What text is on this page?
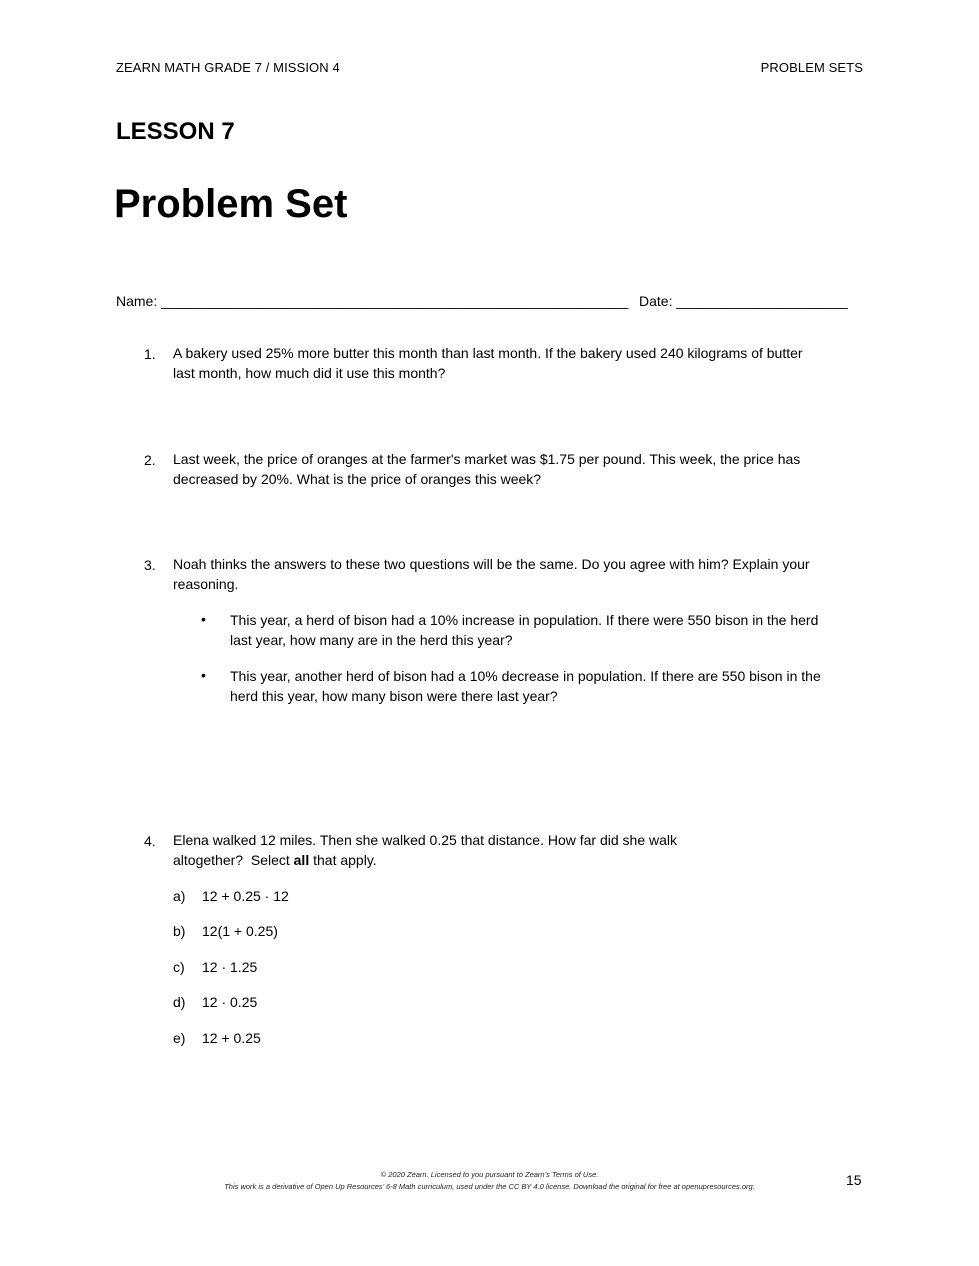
ZEARN MATH GRADE 7 / MISSION 4	PROBLEM SETS
LESSON 7
Problem Set
Name: ____________________________________________________________ Date: ______________________
1. A bakery used 25% more butter this month than last month. If the bakery used 240 kilograms of butter
last month, how much did it use this month?
2. Last week, the price of oranges at the farmer's market was $1.75 per pound. This week, the price has
decreased by 20%. What is the price of oranges this week?
3. Noah thinks the answers to these two questions will be the same. Do you agree with him? Explain your
reasoning.
• This year, a herd of bison had a 10% increase in population. If there were 550 bison in the herd
last year, how many are in the herd this year?
• This year, another herd of bison had a 10% decrease in population. If there are 550 bison in the
herd this year, how many bison were there last year?
4. Elena walked 12 miles. Then she walked 0.25 that distance. How far did she walk
altogether?  Select all that apply.
a) 12 + 0.25 · 12
b) 12(1 + 0.25)
c) 12 · 1.25
d) 12 · 0.25
e) 12 + 0.25
© 2020 Zearn. Licensed to you pursuant to Zearn’s Terms of Use.
This work is a derivative of Open Up Resources’ 6-8 Math curriculum, used under the CC BY 4.0 license. Download the original for free at openupresources.org.	15
